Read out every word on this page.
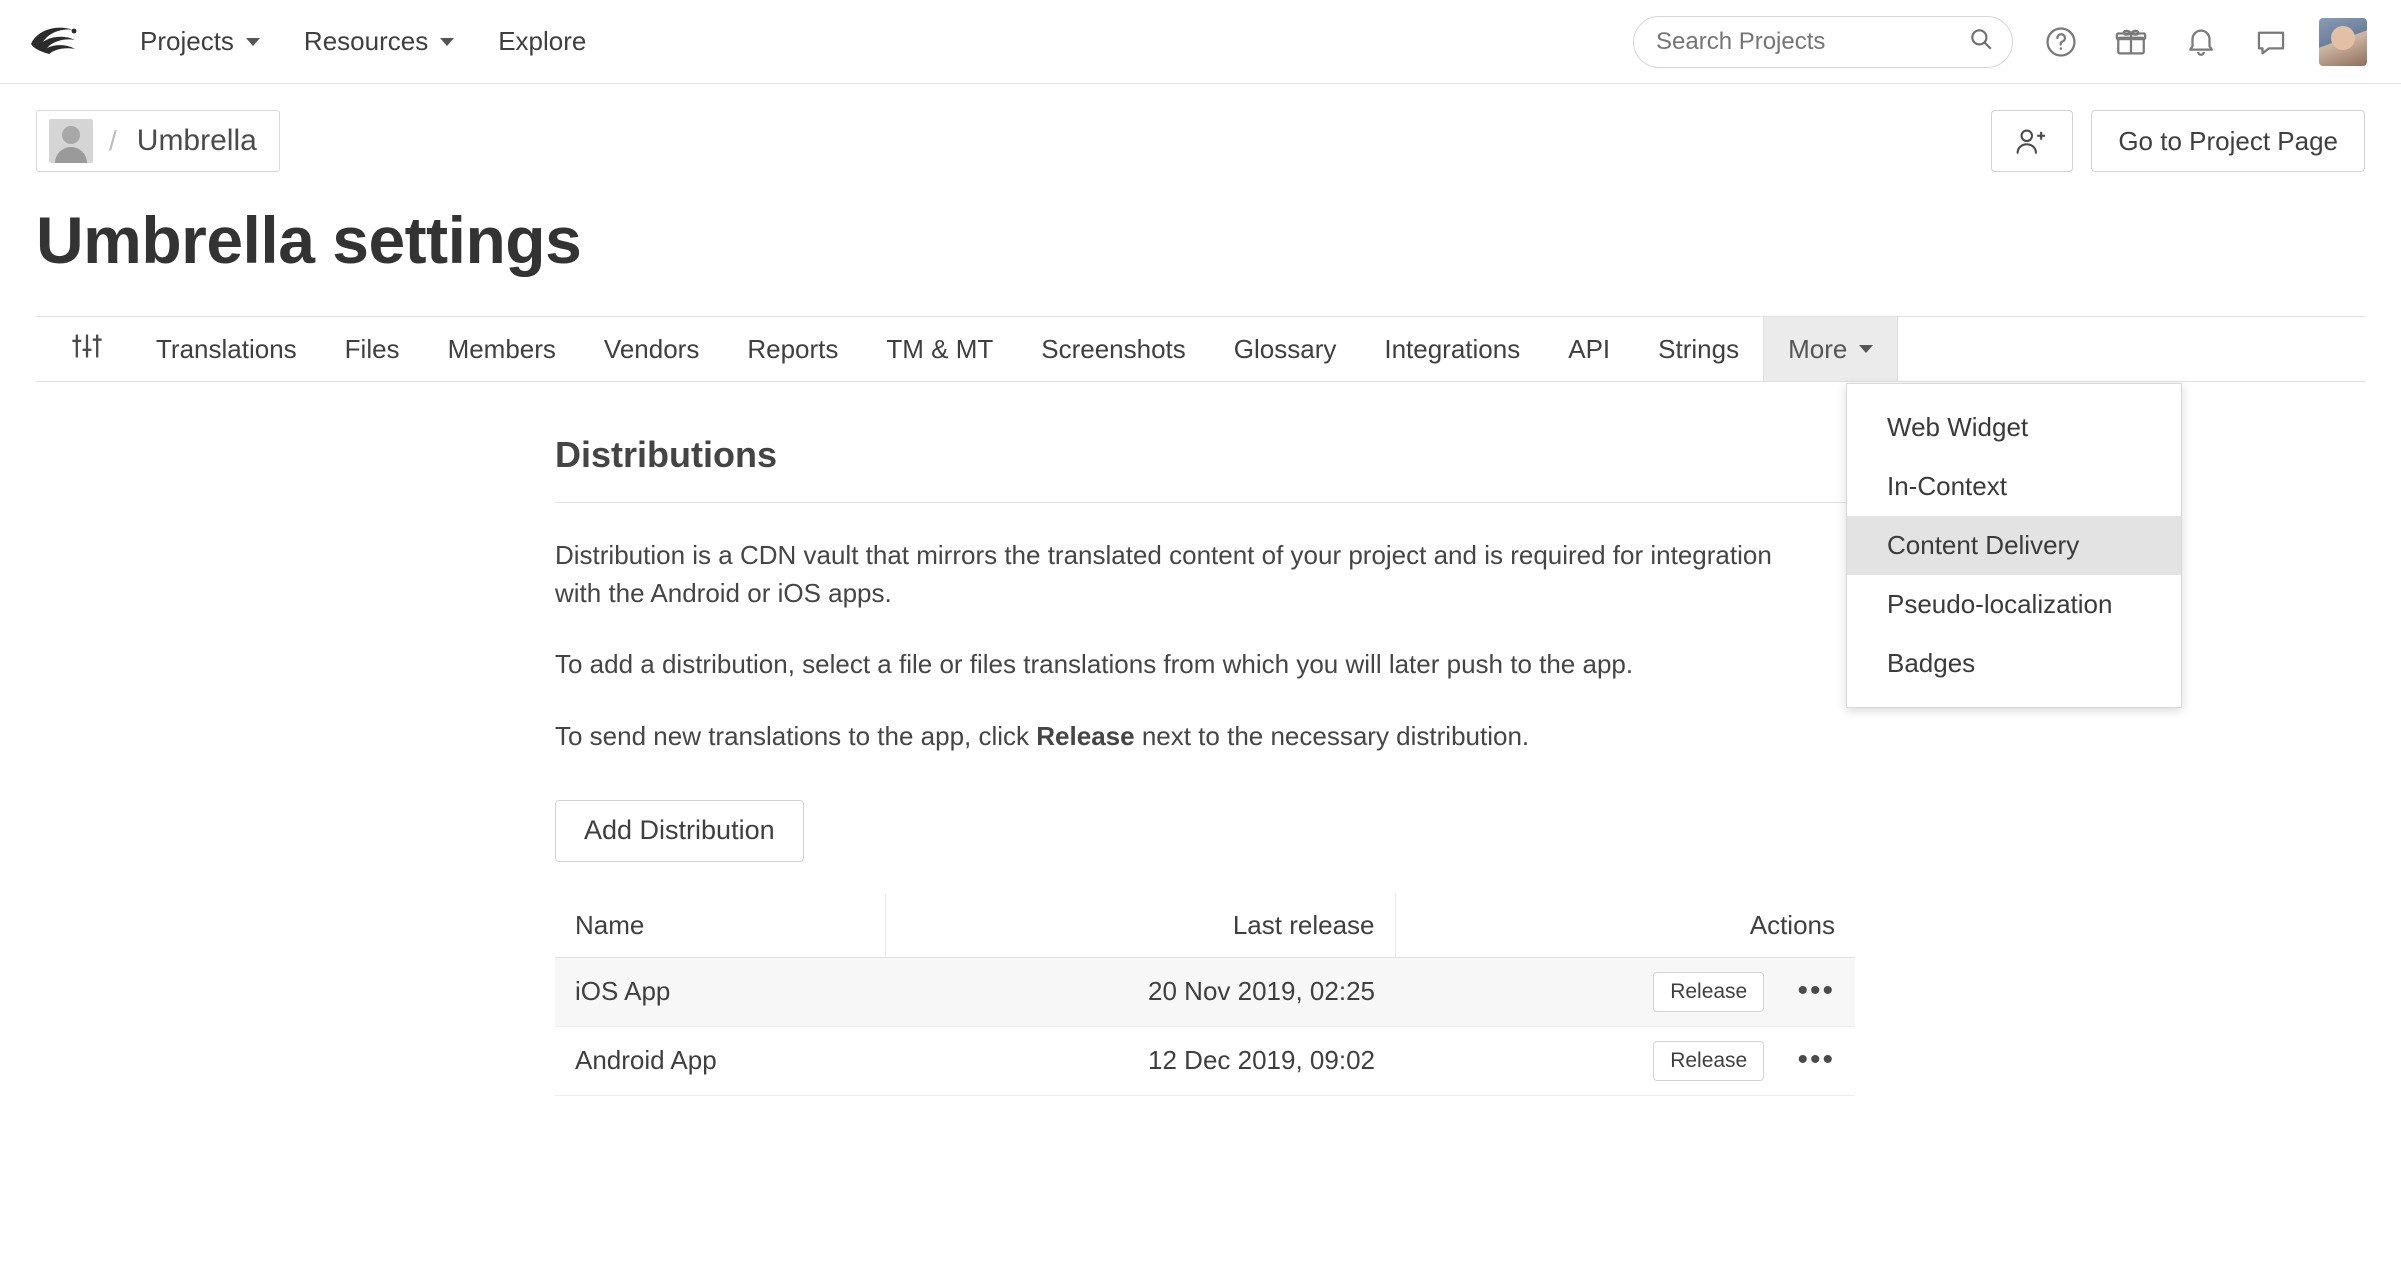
Projects	Resources	Explore
Search Projects
/ Umbrella	Go to Project Page
Umbrella settings
Translations Files Members Vendors Reports TM & MT Screenshots Glossary Integrations API Strings More
Web Widget
In-Context
Content Delivery
Pseudo-localization
Badges
Distributions
Distribution is a CDN vault that mirrors the translated content of your project and is required for integration with the Android or iOS apps.
To add a distribution, select a file or files translations from which you will later push to the app.
To send new translations to the app, click Release next to the necessary distribution.
Add Distribution
Name	Last release	Actions
iOS App	20 Nov 2019, 02:25	Release •••
Android App	12 Dec 2019, 09:02	Release •••
